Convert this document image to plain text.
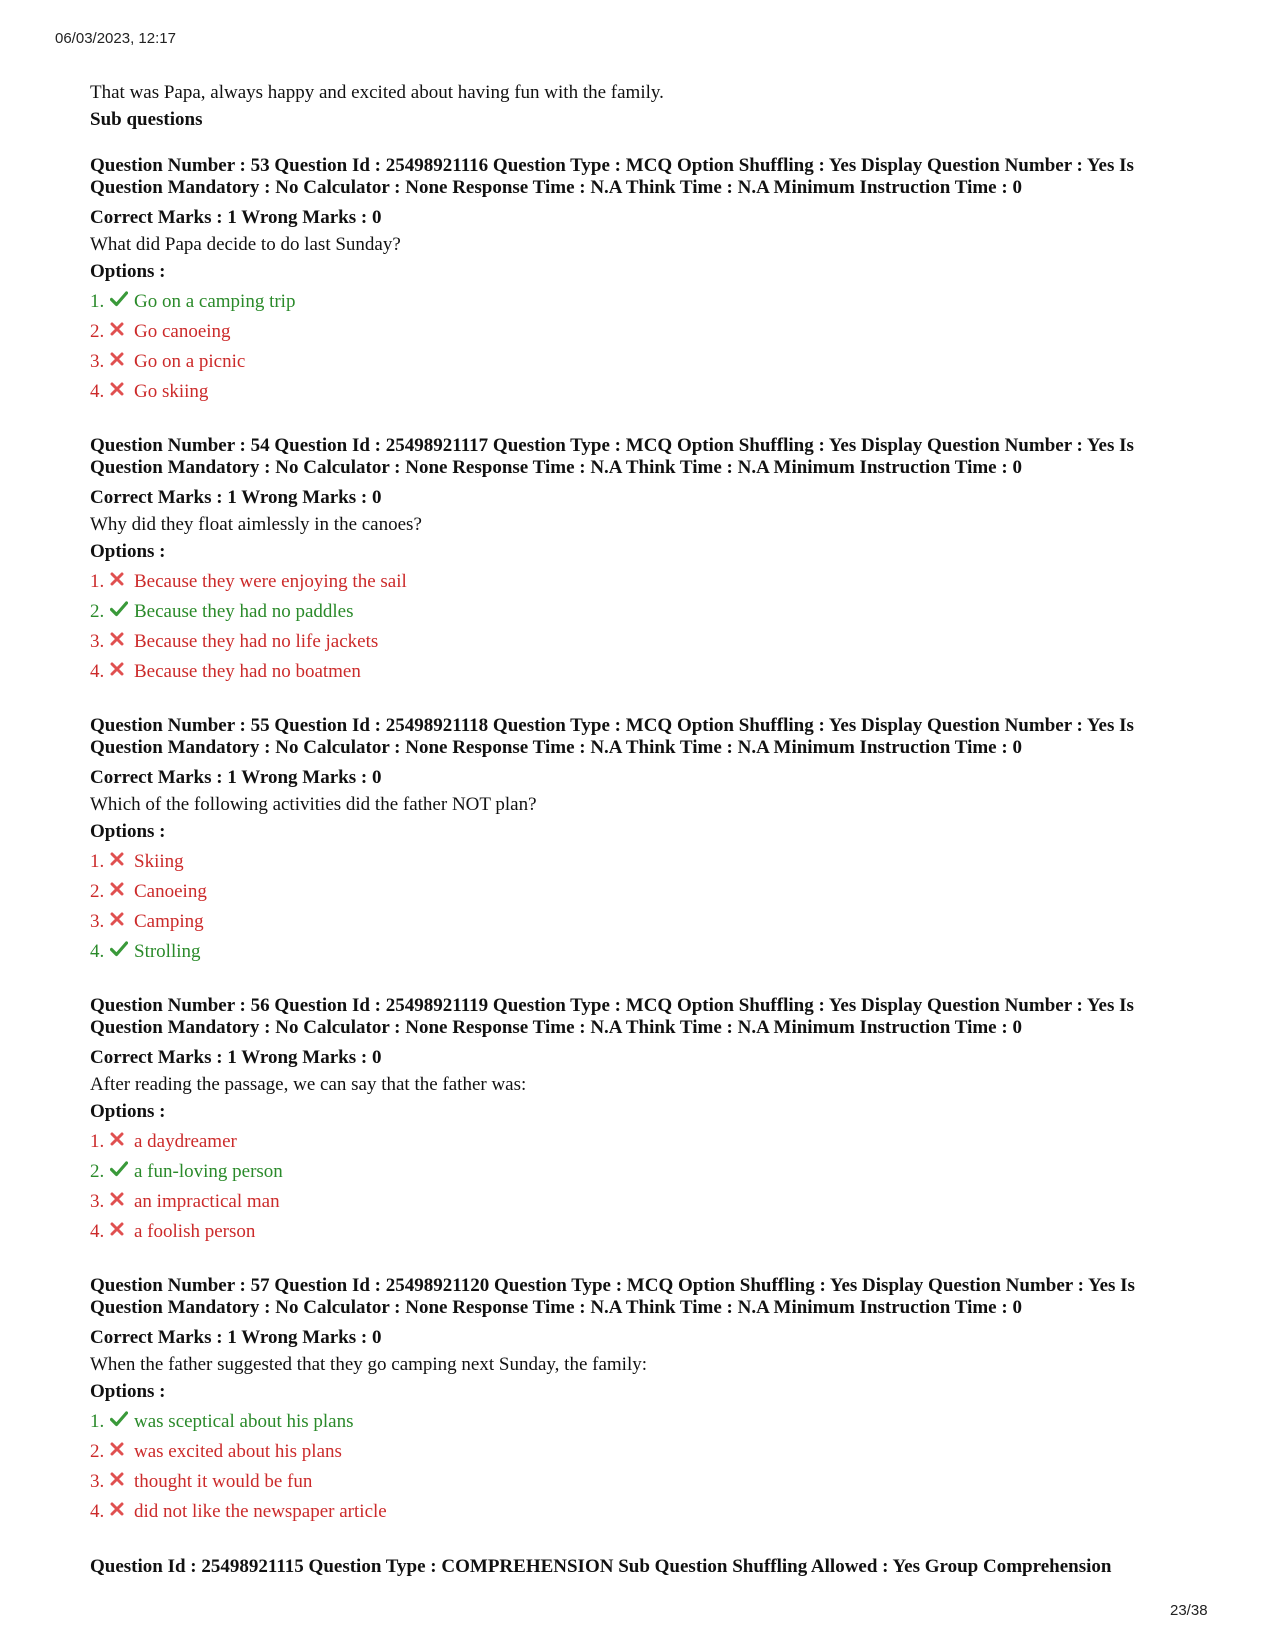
06/03/2023, 12:17
That was Papa, always happy and excited about having fun with the family.
Sub questions
Question Number : 53 Question Id : 25498921116 Question Type : MCQ Option Shuffling : Yes Display Question Number : Yes Is Question Mandatory : No Calculator : None Response Time : N.A Think Time : N.A Minimum Instruction Time : 0
Correct Marks : 1 Wrong Marks : 0
What did Papa decide to do last Sunday?
Options :
1.	Go on a camping trip
2.	Go canoeing
3.	Go on a picnic
4.	Go skiing
Question Number : 54 Question Id : 25498921117 Question Type : MCQ Option Shuffling : Yes Display Question Number : Yes Is Question Mandatory : No Calculator : None Response Time : N.A Think Time : N.A Minimum Instruction Time : 0
Correct Marks : 1 Wrong Marks : 0
Why did they float aimlessly in the canoes?
Options :
1.	Because they were enjoying the sail
2.	Because they had no paddles
3.	Because they had no life jackets
4.	Because they had no boatmen
Question Number : 55 Question Id : 25498921118 Question Type : MCQ Option Shuffling : Yes Display Question Number : Yes Is Question Mandatory : No Calculator : None Response Time : N.A Think Time : N.A Minimum Instruction Time : 0
Correct Marks : 1 Wrong Marks : 0
Which of the following activities did the father NOT plan?
Options :
1.	Skiing
2.	Canoeing
3.	Camping
4.	Strolling
Question Number : 56 Question Id : 25498921119 Question Type : MCQ Option Shuffling : Yes Display Question Number : Yes Is Question Mandatory : No Calculator : None Response Time : N.A Think Time : N.A Minimum Instruction Time : 0
Correct Marks : 1 Wrong Marks : 0
After reading the passage, we can say that the father was:
Options :
1.	a daydreamer
2.	a fun-loving person
3.	an impractical man
4.	a foolish person
Question Number : 57 Question Id : 25498921120 Question Type : MCQ Option Shuffling : Yes Display Question Number : Yes Is Question Mandatory : No Calculator : None Response Time : N.A Think Time : N.A Minimum Instruction Time : 0
Correct Marks : 1 Wrong Marks : 0
When the father suggested that they go camping next Sunday, the family:
Options :
1.	was sceptical about his plans
2.	was excited about his plans
3.	thought it would be fun
4.	did not like the newspaper article
Question Id : 25498921115 Question Type : COMPREHENSION Sub Question Shuffling Allowed : Yes Group Comprehension
23/38
